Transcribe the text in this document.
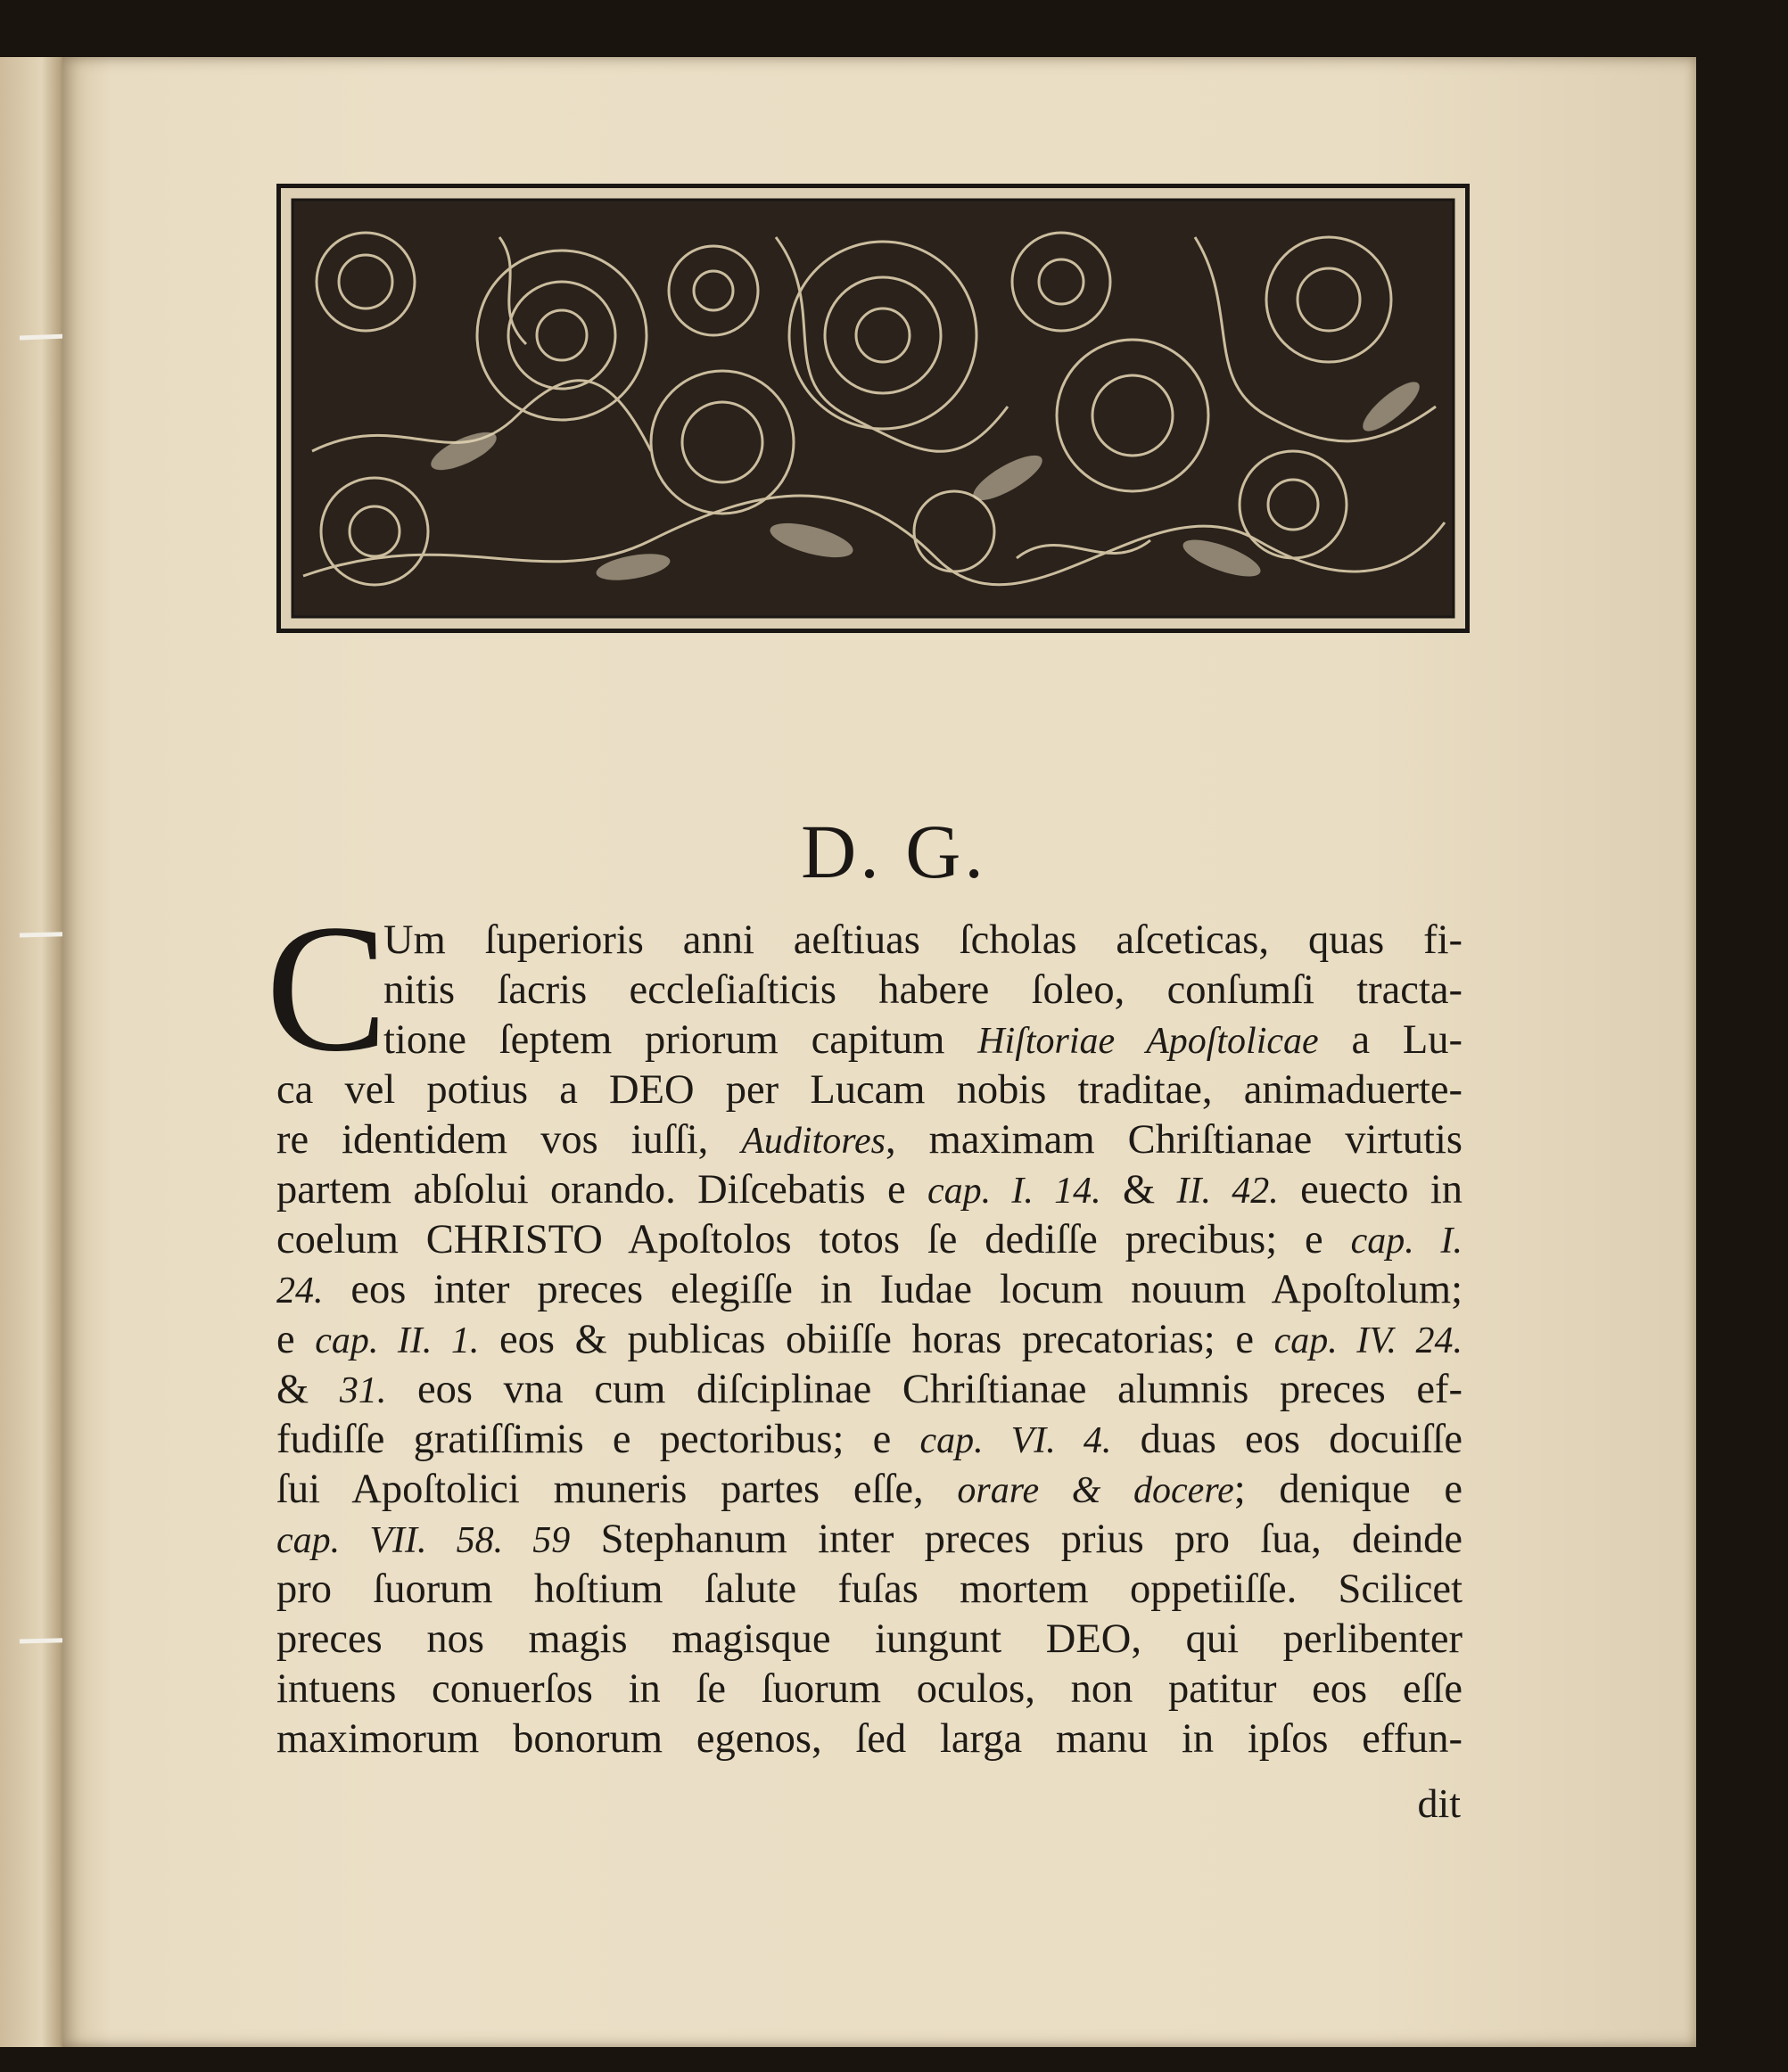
D. G.
C
Um ſuperioris anni aeſtiuas ſcholas aſceticas, quas fi-
nitis ſacris eccleſiaſticis habere ſoleo, conſumſi tracta-
tione ſeptem priorum capitum Hiſtoriae Apoſtolicae a Lu-
ca vel potius a DEO per Lucam nobis traditae, animaduerte-
re identidem vos iuſſi, Auditores, maximam Chriſtianae virtutis
partem abſolui orando. Diſcebatis e cap. I. 14. & II. 42. euecto in
coelum CHRISTO Apoſtolos totos ſe dediſſe precibus; e cap. I.
24. eos inter preces elegiſſe in Iudae locum nouum Apoſtolum;
e cap. II. 1. eos & publicas obiiſſe horas precatorias; e cap. IV. 24.
& 31. eos vna cum diſciplinae Chriſtianae alumnis preces ef-
fudiſſe gratiſſimis e pectoribus; e cap. VI. 4. duas eos docuiſſe
ſui Apoſtolici muneris partes eſſe, orare & docere; denique e
cap. VII. 58. 59 Stephanum inter preces prius pro ſua, deinde
pro ſuorum hoſtium ſalute fuſas mortem oppetiiſſe. Scilicet
preces nos magis magisque iungunt DEO, qui perlibenter
intuens conuerſos in ſe ſuorum oculos, non patitur eos eſſe
maximorum bonorum egenos, ſed larga manu in ipſos effun-
dit
